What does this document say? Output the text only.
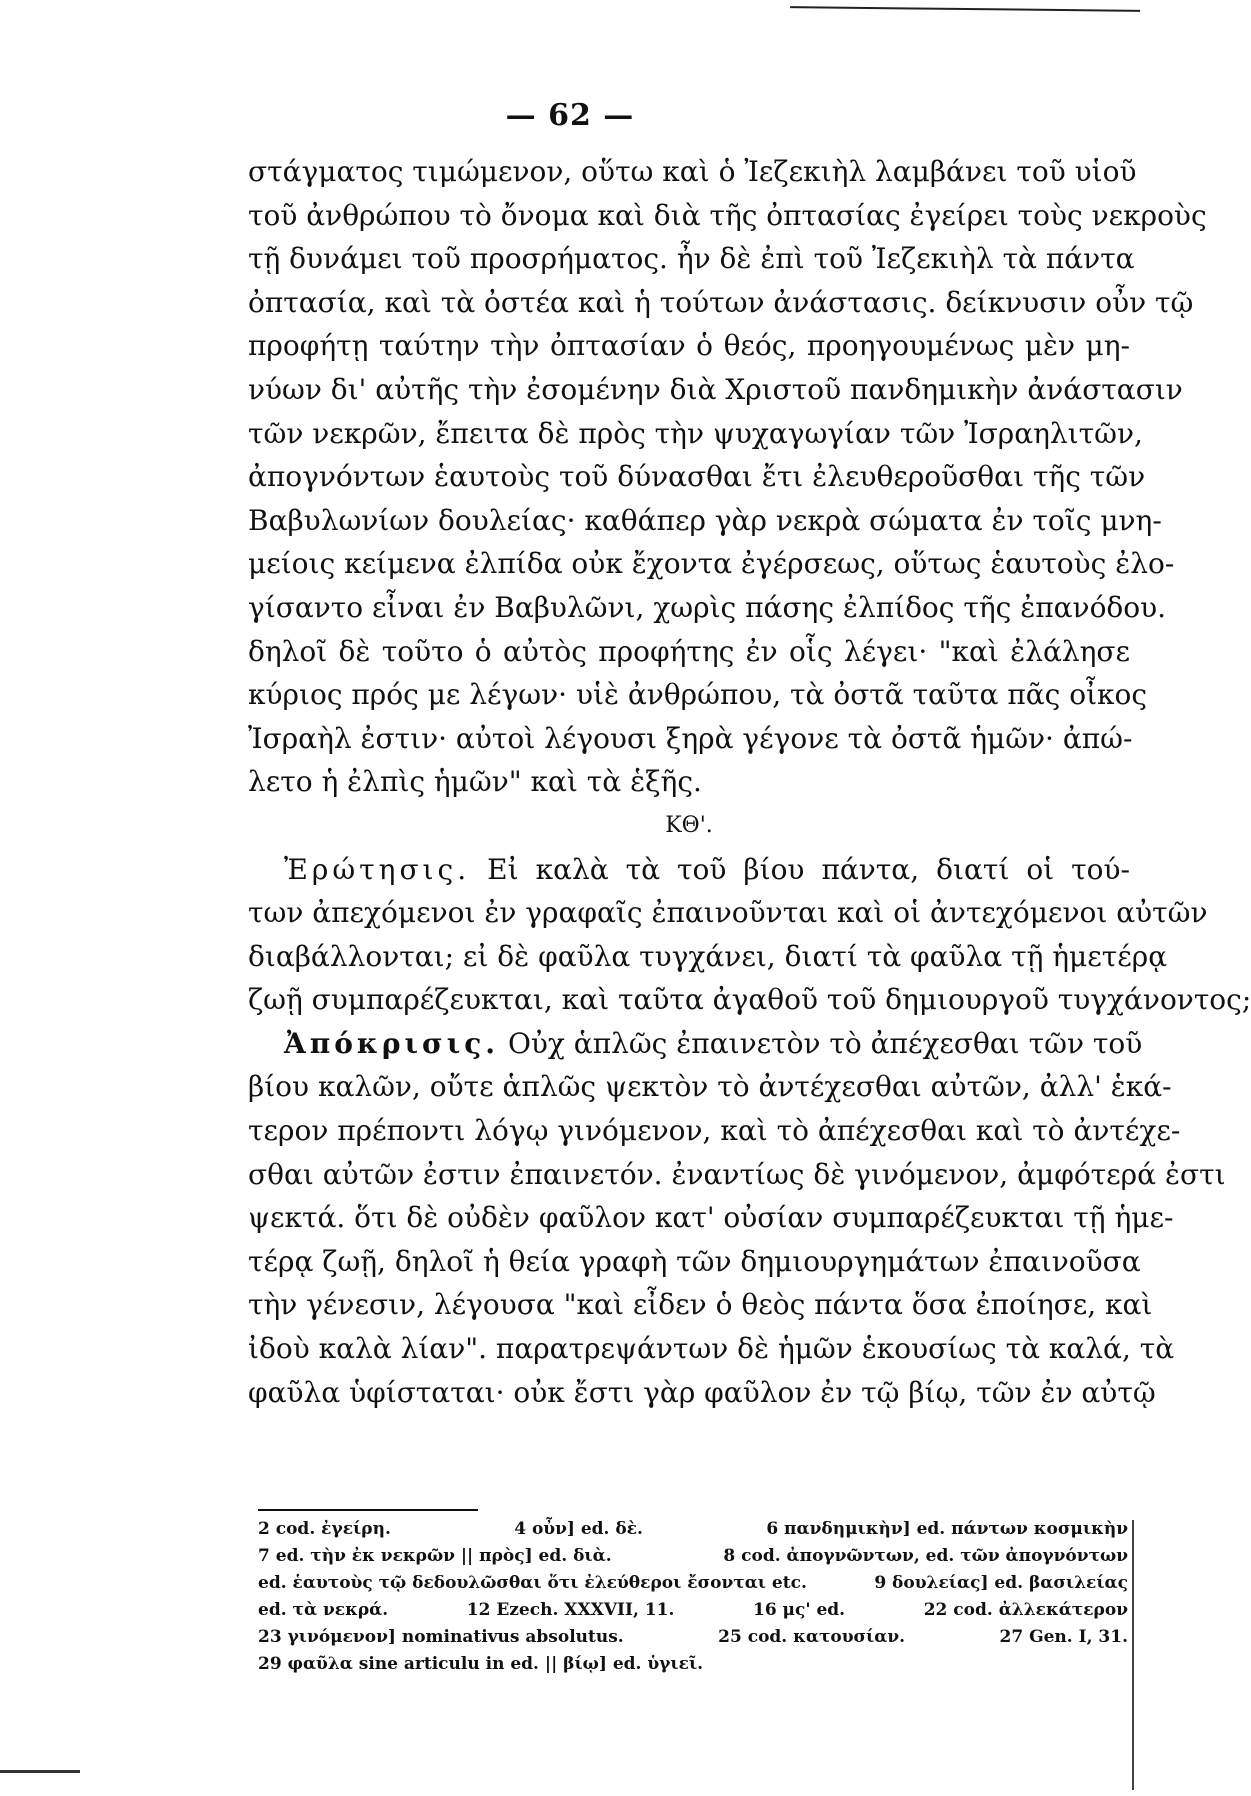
— 62 —
στάγματος τιμώμενον, οὕτω καὶ ὁ Ἰεζεκιὴλ λαμβάνει τοῦ υἱοῦ
τοῦ ἀνθρώπου τὸ ὄνομα καὶ διὰ τῆς ὀπτασίας ἐγείρει τοὺς νεκροὺς
τῇ δυνάμει τοῦ προσρήματος. ἦν δὲ ἐπὶ τοῦ Ἰεζεκιὴλ τὰ πάντα
ὀπτασία, καὶ τὰ ὀστέα καὶ ἡ τούτων ἀνάστασις. δείκνυσιν οὖν τῷ
προφήτῃ ταύτην τὴν ὀπτασίαν ὁ θεός, προηγουμένως μὲν μη-
νύων δι' αὐτῆς τὴν ἐσομένην διὰ Χριστοῦ πανδημικὴν ἀνάστασιν
τῶν νεκρῶν, ἔπειτα δὲ πρὸς τὴν ψυχαγωγίαν τῶν Ἰσραηλιτῶν,
ἀπογνόντων ἑαυτοὺς τοῦ δύνασθαι ἔτι ἐλευθεροῦσθαι τῆς τῶν
Βαβυλωνίων δουλείας· καθάπερ γὰρ νεκρὰ σώματα ἐν τοῖς μνη-
μείοις κείμενα ἐλπίδα οὐκ ἔχοντα ἐγέρσεως, οὕτως ἑαυτοὺς ἐλο-
γίσαντο εἶναι ἐν Βαβυλῶνι, χωρὶς πάσης ἐλπίδος τῆς ἐπανόδου.
δηλοῖ δὲ τοῦτο ὁ αὐτὸς προφήτης ἐν οἷς λέγει· "καὶ ἐλάλησε
κύριος πρός με λέγων· υἱὲ ἀνθρώπου, τὰ ὀστᾶ ταῦτα πᾶς οἶκος
Ἰσραὴλ ἐστιν· αὐτοὶ λέγουσι ξηρὰ γέγονε τὰ ὀστᾶ ἡμῶν· ἀπώ-
λετο ἡ ἐλπὶς ἡμῶν" καὶ τὰ ἑξῆς.
ΚΘ'.
Ἐρώτησις. Εἰ καλὰ τὰ τοῦ βίου πάντα, διατί οἱ τού-
των ἀπεχόμενοι ἐν γραφαῖς ἐπαινοῦνται καὶ οἱ ἀντεχόμενοι αὐτῶν
διαβάλλονται; εἰ δὲ φαῦλα τυγχάνει, διατί τὰ φαῦλα τῇ ἡμετέρᾳ
ζωῇ συμπαρέζευκται, καὶ ταῦτα ἀγαθοῦ τοῦ δημιουργοῦ τυγχάνοντος;
Ἀπόκρισις. Οὐχ ἁπλῶς ἐπαινετὸν τὸ ἀπέχεσθαι τῶν τοῦ
βίου καλῶν, οὔτε ἁπλῶς ψεκτὸν τὸ ἀντέχεσθαι αὐτῶν, ἀλλ' ἑκά-
τερον πρέποντι λόγῳ γινόμενον, καὶ τὸ ἀπέχεσθαι καὶ τὸ ἀντέχε-
σθαι αὐτῶν ἐστιν ἐπαινετόν. ἐναντίως δὲ γινόμενον, ἀμφότερά ἐστι
ψεκτά. ὅτι δὲ οὐδὲν φαῦλον κατ' οὐσίαν συμπαρέζευκται τῇ ἡμε-
τέρᾳ ζωῇ, δηλοῖ ἡ θεία γραφὴ τῶν δημιουργημάτων ἐπαινοῦσα
τὴν γένεσιν, λέγουσα "καὶ εἶδεν ὁ θεὸς πάντα ὅσα ἐποίησε, καὶ
ἰδοὺ καλὰ λίαν". παρατρεψάντων δὲ ἡμῶν ἑκουσίως τὰ καλά, τὰ
φαῦλα ὑφίσταται· οὐκ ἔστι γὰρ φαῦλον ἐν τῷ βίῳ, τῶν ἐν αὐτῷ
2 cod. ἐγείρη.	4 οὖν] ed. δὲ.	6 πανδημικὴν] ed. πάντων κοσμικὴν
7 ed. τὴν ἐκ νεκρῶν || πρὸς] ed. διὰ.	8 cod. ἀπογνῶντων, ed. τῶν ἀπογνόντων
ed. ἑαυτοὺς τῷ δεδουλῶσθαι ὅτι ἐλεύθεροι ἔσονται etc.	9 δουλείας] ed. βασιλείας
ed. τὰ νεκρά.	12 Ezech. XXXVII, 11.	16 μς' ed.	22 cod. ἀλλεκάτερον
23 γινόμενον] nominativus absolutus.	25 cod. κατουσίαν.	27 Gen. I, 31.
29 φαῦλα sine articulu in ed. || βίῳ] ed. ὑγιεῖ.
